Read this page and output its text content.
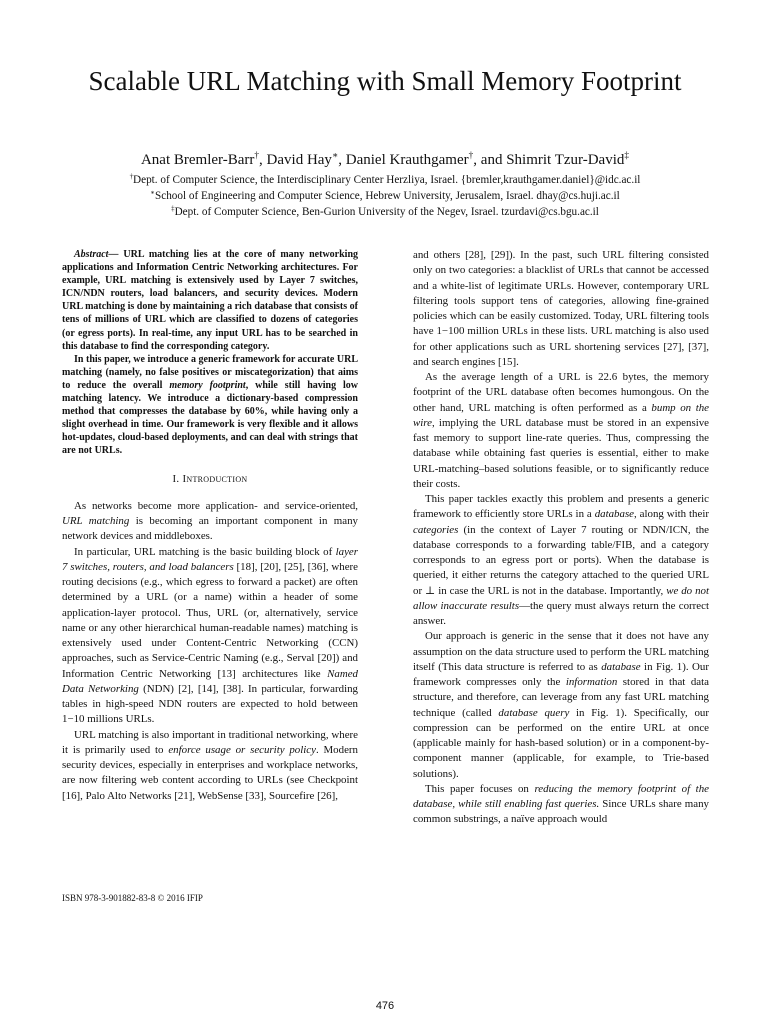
Scalable URL Matching with Small Memory Footprint
Anat Bremler-Barr†, David Hay∗, Daniel Krauthgamer†, and Shimrit Tzur-David‡
†Dept. of Computer Science, the Interdisciplinary Center Herzliya, Israel. {bremler,krauthgamer.daniel}@idc.ac.il
∗School of Engineering and Computer Science, Hebrew University, Jerusalem, Israel. dhay@cs.huji.ac.il
‡Dept. of Computer Science, Ben-Gurion University of the Negev, Israel. tzurdavi@cs.bgu.ac.il

Abstract— URL matching lies at the core of many networking applications and Information Centric Networking architectures. For example, URL matching is extensively used by Layer 7 switches, ICN/NDN routers, load balancers, and security devices. Modern URL matching is done by maintaining a rich database that consists of tens of millions of URL which are classified to dozens of categories (or egress ports). In real-time, any input URL has to be searched in this database to find the corresponding category.

In this paper, we introduce a generic framework for accurate URL matching (namely, no false positives or miscategorization) that aims to reduce the overall memory footprint, while still having low matching latency. We introduce a dictionary-based compression method that compresses the database by 60%, while having only a slight overhead in time. Our framework is very flexible and it allows hot-updates, cloud-based deployments, and can deal with strings that are not URLs.

I. Introduction

As networks become more application- and service-oriented, URL matching is becoming an important component in many network devices and middleboxes.

In particular, URL matching is the basic building block of layer 7 switches, routers, and load balancers [18], [20], [25], [36], where routing decisions (e.g., which egress to forward a packet) are often determined by a URL (or a name) within a header of some application-layer protocol. Thus, URL (or, alternatively, service name or any other hierarchical human-readable names) matching is extensively used under Content-Centric Networking (CCN) approaches, such as Service-Centric Naming (e.g., Serval [20]) and Information Centric Networking [13] architectures like Named Data Networking (NDN) [2], [14], [38]. In particular, forwarding tables in high-speed NDN routers are expected to hold between 1−10 millions URLs.

URL matching is also important in traditional networking, where it is primarily used to enforce usage or security policy. Modern security devices, especially in enterprises and workplace networks, are now filtering web content according to URLs (see Checkpoint [16], Palo Alto Networks [21], WebSense [33], Sourcefire [26],

and others [28], [29]). In the past, such URL filtering consisted only on two categories: a blacklist of URLs that cannot be accessed and a white-list of legitimate URLs. However, contemporary URL filtering tools support tens of categories, allowing fine-grained policies which can be easily customized. Today, URL filtering tools have 1−100 million URLs in these lists. URL matching is also used for other applications such as URL shortening services [27], [37], and search engines [15].

As the average length of a URL is 22.6 bytes, the memory footprint of the URL database often becomes humongous. On the other hand, URL matching is often performed as a bump on the wire, implying the URL database must be stored in an expensive fast memory to support line-rate queries. Thus, compressing the database while obtaining fast queries is essential, either to make URL-matching–based solutions feasible, or to significantly reduce their costs.

This paper tackles exactly this problem and presents a generic framework to efficiently store URLs in a database, along with their categories (in the context of Layer 7 routing or NDN/ICN, the database corresponds to a forwarding table/FIB, and a category corresponds to an egress port or ports). When the database is queried, it either returns the category attached to the queried URL or ⊥ in case the URL is not in the database. Importantly, we do not allow inaccurate results—the query must always return the correct answer.

Our approach is generic in the sense that it does not have any assumption on the data structure used to perform the URL matching itself (This data structure is referred to as database in Fig. 1). Our framework compresses only the information stored in that data structure, and therefore, can leverage from any fast URL matching technique (called database query in Fig. 1). Specifically, our compression can be performed on the entire URL at once (applicable mainly for hash-based solution) or in a component-by-component manner (applicable, for example, to Trie-based solutions).

This paper focuses on reducing the memory footprint of the database, while still enabling fast queries. Since URLs share many common substrings, a naïve approach would

ISBN 978-3-901882-83-8 © 2016 IFIP
476
